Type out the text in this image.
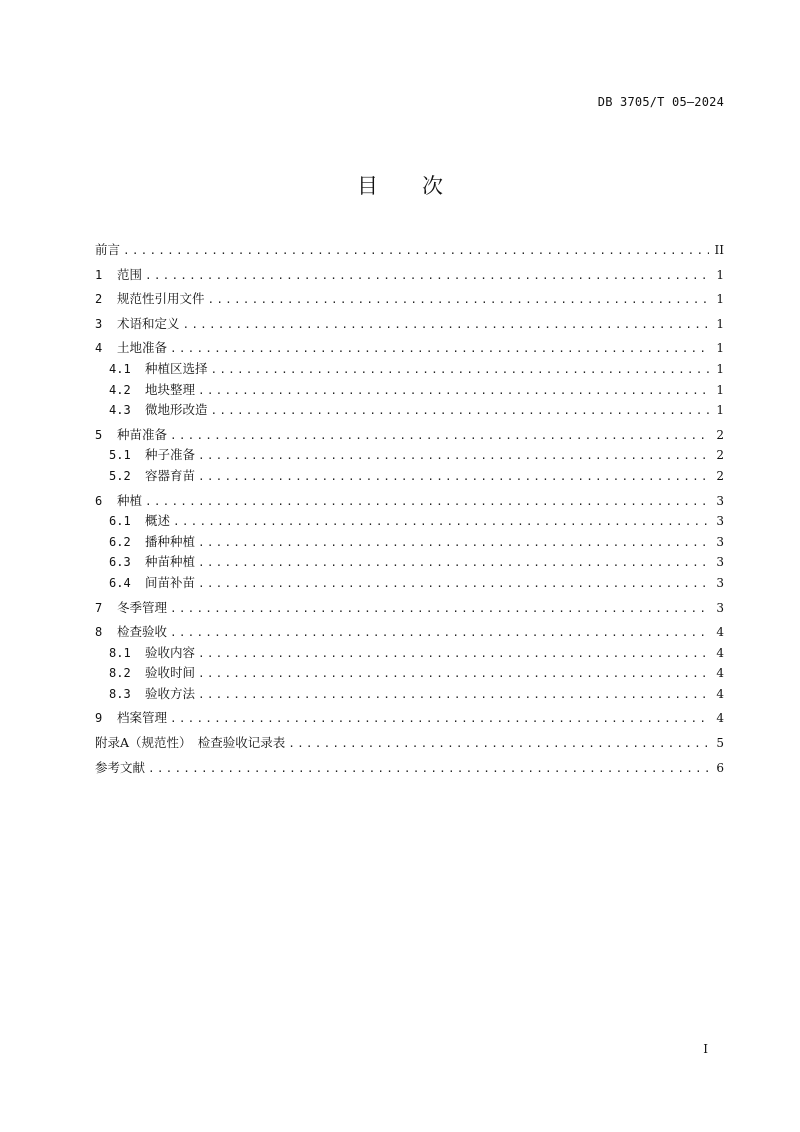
DB 3705/T 05—2024
目 次
前言 .....	II
1	范围 .....	1
2	规范性引用文件 .....	1
3	术语和定义 .....	1
4	土地准备 .....	1
4.1	种植区选择 .....	1
4.2	地块整理 .....	1
4.3	微地形改造 .....	1
5	种苗准备 .....	2
5.1	种子准备 .....	2
5.2	容器育苗 .....	2
6	种植 .....	3
6.1	概述 .....	3
6.2	播种种植 .....	3
6.3	种苗种植 .....	3
6.4	间苗补苗 .....	3
7	冬季管理 .....	3
8	检查验收 .....	4
8.1	验收内容 .....	4
8.2	验收时间 .....	4
8.3	验收方法 .....	4
9	档案管理 .....	4
附录A（规范性）　检查验收记录表 .....	5
参考文献 .....	6
I
